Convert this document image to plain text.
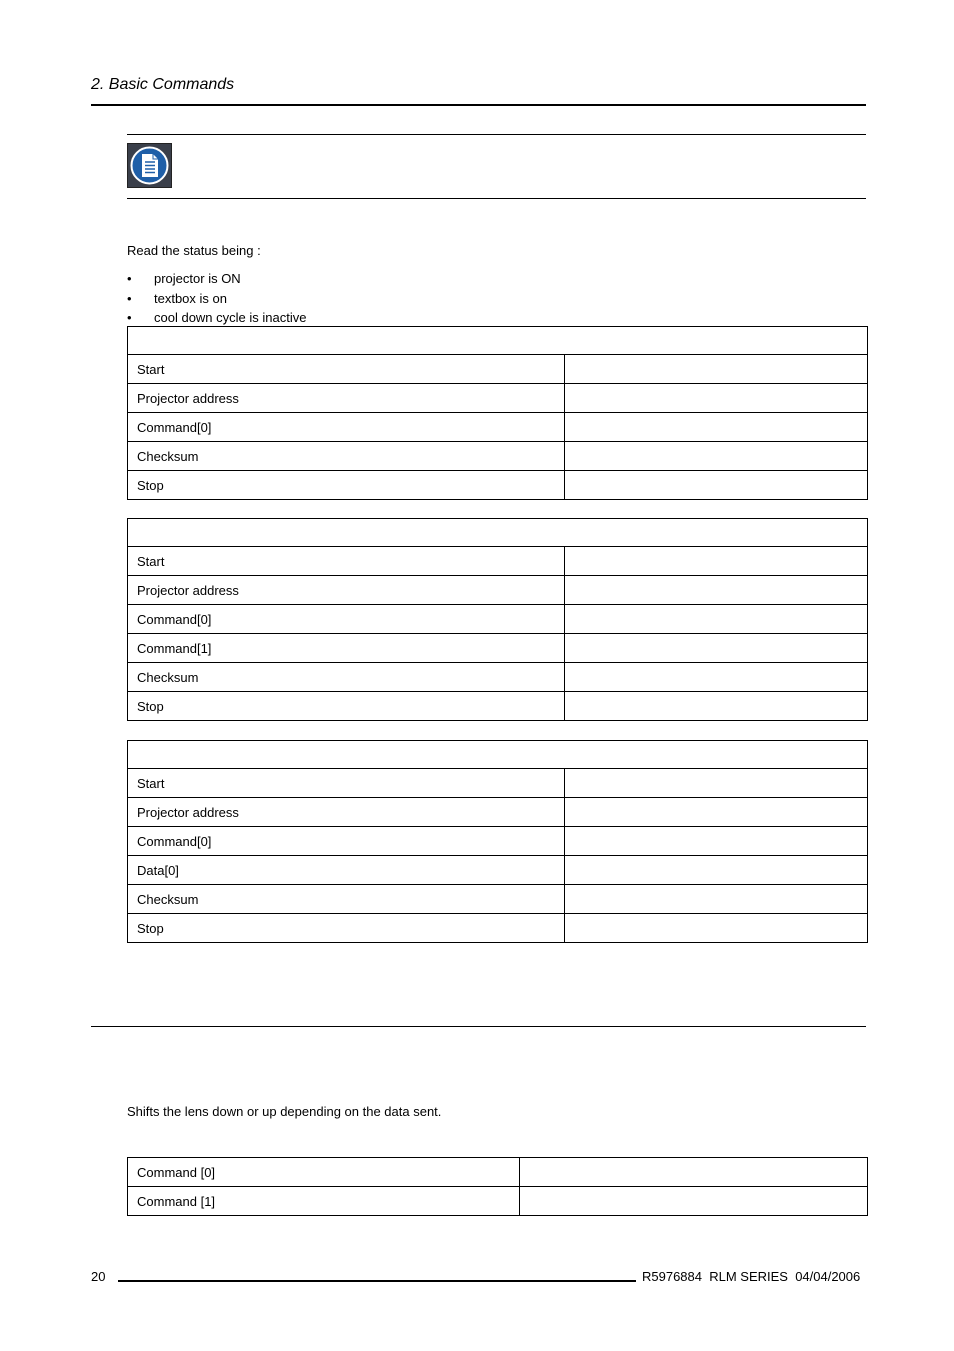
2. Basic Commands
Read the status being :
• projector is ON
• textbox is on
• cool down cycle is inactive

Start	
Projector address	
Command[0]	
Checksum	
Stop	

Start	
Projector address	
Command[0]	
Command[1]	
Checksum	
Stop	

Start	
Projector address	
Command[0]	
Data[0]	
Checksum	
Stop	
Shifts the lens down or up depending on the data sent.
Command [0]	
Command [1]	
20	R5976884  RLM SERIES  04/04/2006
